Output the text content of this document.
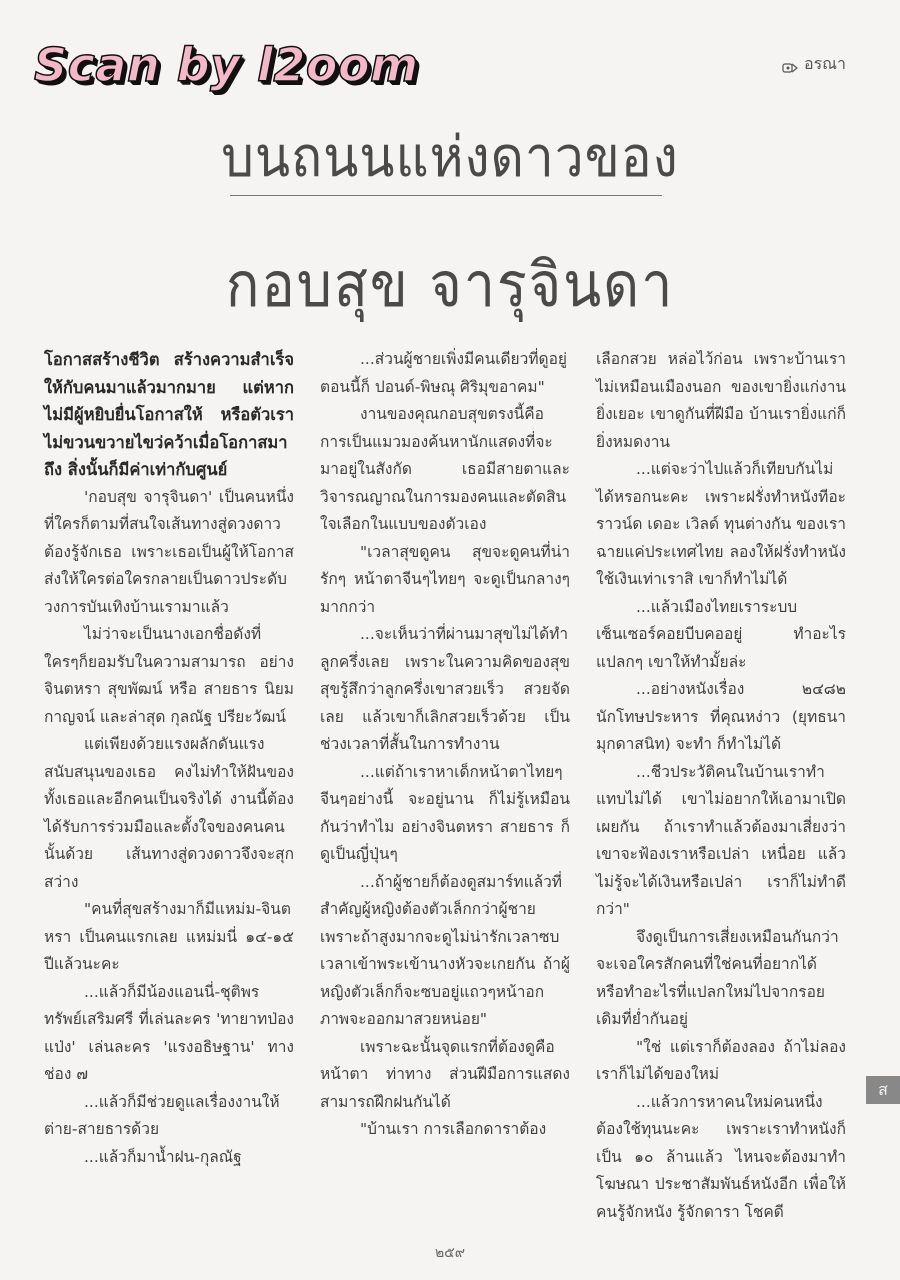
Scan by l2oom	อรณา
บนถนนแห่งดาวของ
กอบสุข จารุจินดา

โอกาสสร้างชีวิต สร้างความสำเร็จให้กับคนมาแล้วมากมาย แต่หากไม่มีผู้หยิบยื่นโอกาสให้ หรือตัวเราไม่ขวนขวายไขว่คว้าเมื่อโอกาสมาถึง สิ่งนั้นก็มีค่าเท่ากับศูนย์

'กอบสุข จารุจินดา' เป็นคนหนึ่งที่ใครก็ตามที่สนใจเส้นทางสู่ดวงดาวต้องรู้จักเธอ เพราะเธอเป็นผู้ให้โอกาส ส่งให้ใครต่อใครกลายเป็นดาวประดับวงการบันเทิงบ้านเรามาแล้ว

ไม่ว่าจะเป็นนางเอกชื่อดังที่ใครๆก็ยอมรับในความสามารถ อย่าง จินตหรา สุขพัฒน์ หรือ สายธาร นิยมกาญจน์ และล่าสุด กุลณัฐ ปรียะวัฒน์

แต่เพียงด้วยแรงผลักดันแรงสนับสนุนของเธอ คงไม่ทำให้ฝันของทั้งเธอและอีกคนเป็นจริงได้ งานนี้ต้องได้รับการร่วมมือและตั้งใจของคนคนนั้นด้วย เส้นทางสู่ดวงดาวจึงจะสุกสว่าง

"คนที่สุขสร้างมาก็มีแหม่ม-จินตหรา เป็นคนแรกเลย แหม่มนี่ ๑๔-๑๕ ปีแล้วนะคะ

...แล้วก็มีน้องแอนนี่-ชุติพร ทรัพย์เสริมศรี ที่เล่นละคร 'ทายาทป่องแป่ง' เล่นละคร 'แรงอธิษฐาน' ทางช่อง ๗

...แล้วก็มีช่วยดูแลเรื่องงานให้ต่าย-สายธารด้วย

...แล้วก็มาน้ำฝน-กุลณัฐ

...ส่วนผู้ชายเพิ่งมีคนเดียวที่ดูอยู่ตอนนี้ก็ ปอนด์-พิษณุ ศิริมุขอาคม"

งานของคุณกอบสุขตรงนี้คือการเป็นแมวมองค้นหานักแสดงที่จะมาอยู่ในสังกัด เธอมีสายตาและวิจารณญาณในการมองคนและตัดสินใจเลือกในแบบของตัวเอง

"เวลาสุขดูคน สุขจะดูคนที่น่ารักๆ หน้าตาจีนๆไทยๆ จะดูเป็นกลางๆมากกว่า

...จะเห็นว่าที่ผ่านมาสุขไม่ได้ทำลูกครึ่งเลย เพราะในความคิดของสุข สุขรู้สึกว่าลูกครึ่งเขาสวยเร็ว สวยจัดเลย แล้วเขาก็เลิกสวยเร็วด้วย เป็นช่วงเวลาที่สั้นในการทำงาน

...แต่ถ้าเราหาเด็กหน้าตาไทยๆจีนๆอย่างนี้ จะอยู่นาน ก็ไม่รู้เหมือนกันว่าทำไม อย่างจินตหรา สายธาร ก็ดูเป็นญี่ปุ่นๆ

...ถ้าผู้ชายก็ต้องดูสมาร์ทแล้วที่สำคัญผู้หญิงต้องตัวเล็กกว่าผู้ชาย เพราะถ้าสูงมากจะดูไม่น่ารักเวลาซบ เวลาเข้าพระเข้านางหัวจะเกยกัน ถ้าผู้หญิงตัวเล็กก็จะซบอยู่แถวๆหน้าอก ภาพจะออกมาสวยหน่อย"

เพราะฉะนั้นจุดแรกที่ต้องดูคือหน้าตา ท่าทาง ส่วนฝีมือการแสดงสามารถฝึกฝนกันได้

"บ้านเรา การเลือกดาราต้อง

เลือกสวย หล่อไว้ก่อน เพราะบ้านเราไม่เหมือนเมืองนอก ของเขายิ่งแก่งานยิ่งเยอะ เขาดูกันที่ฝีมือ บ้านเรายิ่งแก่ก็ยิ่งหมดงาน

...แต่จะว่าไปแล้วก็เทียบกันไม่ได้หรอกนะคะ เพราะฝรั่งทำหนังทีอะราวน์ด เดอะ เวิลด์ ทุนต่างกัน ของเราฉายแค่ประเทศไทย ลองให้ฝรั่งทำหนังใช้เงินเท่าเราสิ เขาก็ทำไม่ได้

...แล้วเมืองไทยเราระบบเซ็นเซอร์คอยบีบคออยู่ ทำอะไรแปลกๆ เขาให้ทำมั้ยล่ะ

...อย่างหนังเรื่อง ๒๔๘๒ นักโทษประหาร ที่คุณหง่าว (ยุทธนา มุกดาสนิท) จะทำ ก็ทำไม่ได้

...ชีวประวัติคนในบ้านเราทำแทบไม่ได้ เขาไม่อยากให้เอามาเปิดเผยกัน ถ้าเราทำแล้วต้องมาเสี่ยงว่าเขาจะฟ้องเราหรือเปล่า เหนื่อย แล้วไม่รู้จะได้เงินหรือเปล่า เราก็ไม่ทำดีกว่า"

จึงดูเป็นการเสี่ยงเหมือนกันกว่าจะเจอใครสักคนที่ใช่คนที่อยากได้ หรือทำอะไรที่แปลกใหม่ไปจากรอยเดิมที่ย่ำกันอยู่

"ใช่ แต่เราก็ต้องลอง ถ้าไม่ลอง เราก็ไม่ได้ของใหม่

...แล้วการหาคนใหม่คนหนึ่งต้องใช้ทุนนะคะ เพราะเราทำหนังก็เป็น ๑๐ ล้านแล้ว ไหนจะต้องมาทำโฆษณา ประชาสัมพันธ์หนังอีก เพื่อให้คนรู้จักหนัง รู้จักดารา โชคดี

ส
๒๕๙
